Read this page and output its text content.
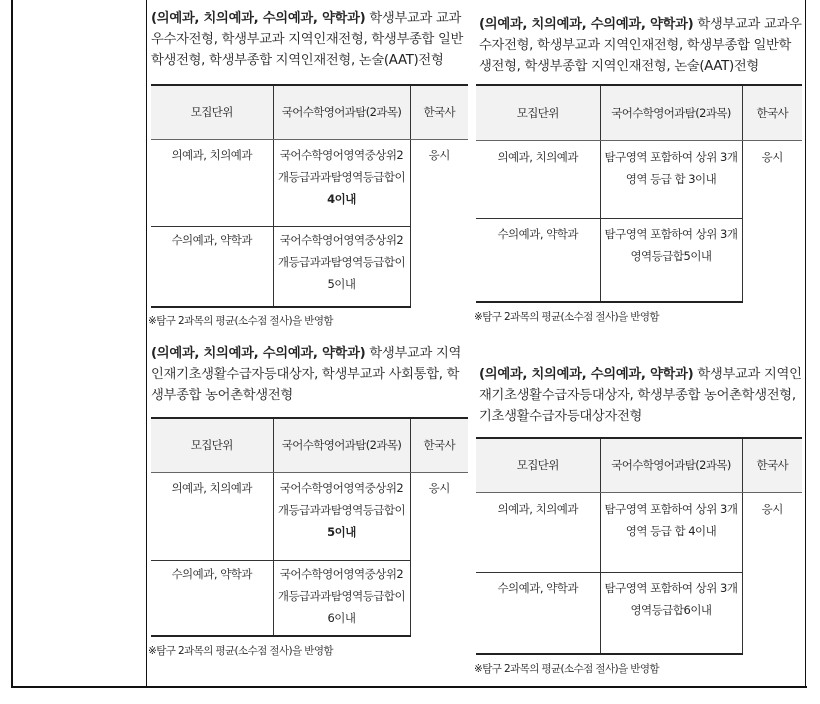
(의예과, 치의예과, 수의예과, 약학과) 학생부교과 교과우수자전형, 학생부교과 지역인재전형, 학생부종합 일반학생전형, 학생부종합 지역인재전형, 논술(AAT)전형

모집단위	국어수학영어과탐(2과목)	한국사
의예과, 치의예과	국어수학영어영역중상위2개등급과과탐영역등급합이
4이내	응시
수의예과, 약학과	국어수학영어영역중상위2개등급과과탐영역등급합이
5이내	

※탐구 2과목의 평균(소수점 절사)을 반영함

(의예과, 치의예과, 수의예과, 약학과) 학생부교과 지역인재기초생활수급자등대상자, 학생부교과 사회통합, 학생부종합 농어촌학생전형

모집단위	국어수학영어과탐(2과목)	한국사
의예과, 치의예과	국어수학영어영역중상위2개등급과과탐영역등급합이
5이내	응시
수의예과, 약학과	국어수학영어영역중상위2개등급과과탐영역등급합이
6이내	

※탐구 2과목의 평균(소수점 절사)을 반영함

(의예과, 치의예과, 수의예과, 약학과) 학생부교과 교과우수자전형, 학생부교과 지역인재전형, 학생부종합 일반학생전형, 학생부종합 지역인재전형, 논술(AAT)전형

모집단위	국어수학영어과탐(2과목)	한국사
의예과, 치의예과	탐구영역 포함하여 상위 3개 영역 등급 합 3이내	응시
수의예과, 약학과	탐구영역 포함하여 상위 3개영역등급합5이내	

※탐구 2과목의 평균(소수점 절사)을 반영함

(의예과, 치의예과, 수의예과, 약학과) 학생부교과 지역인재기초생활수급자등대상자, 학생부종합 농어촌학생전형, 기초생활수급자등대상자전형

모집단위	국어수학영어과탐(2과목)	한국사
의예과, 치의예과	탐구영역 포함하여 상위 3개 영역 등급 합 4이내	응시
수의예과, 약학과	탐구영역 포함하여 상위 3개영역등급합6이내	

※탐구 2과목의 평균(소수점 절사)을 반영함
